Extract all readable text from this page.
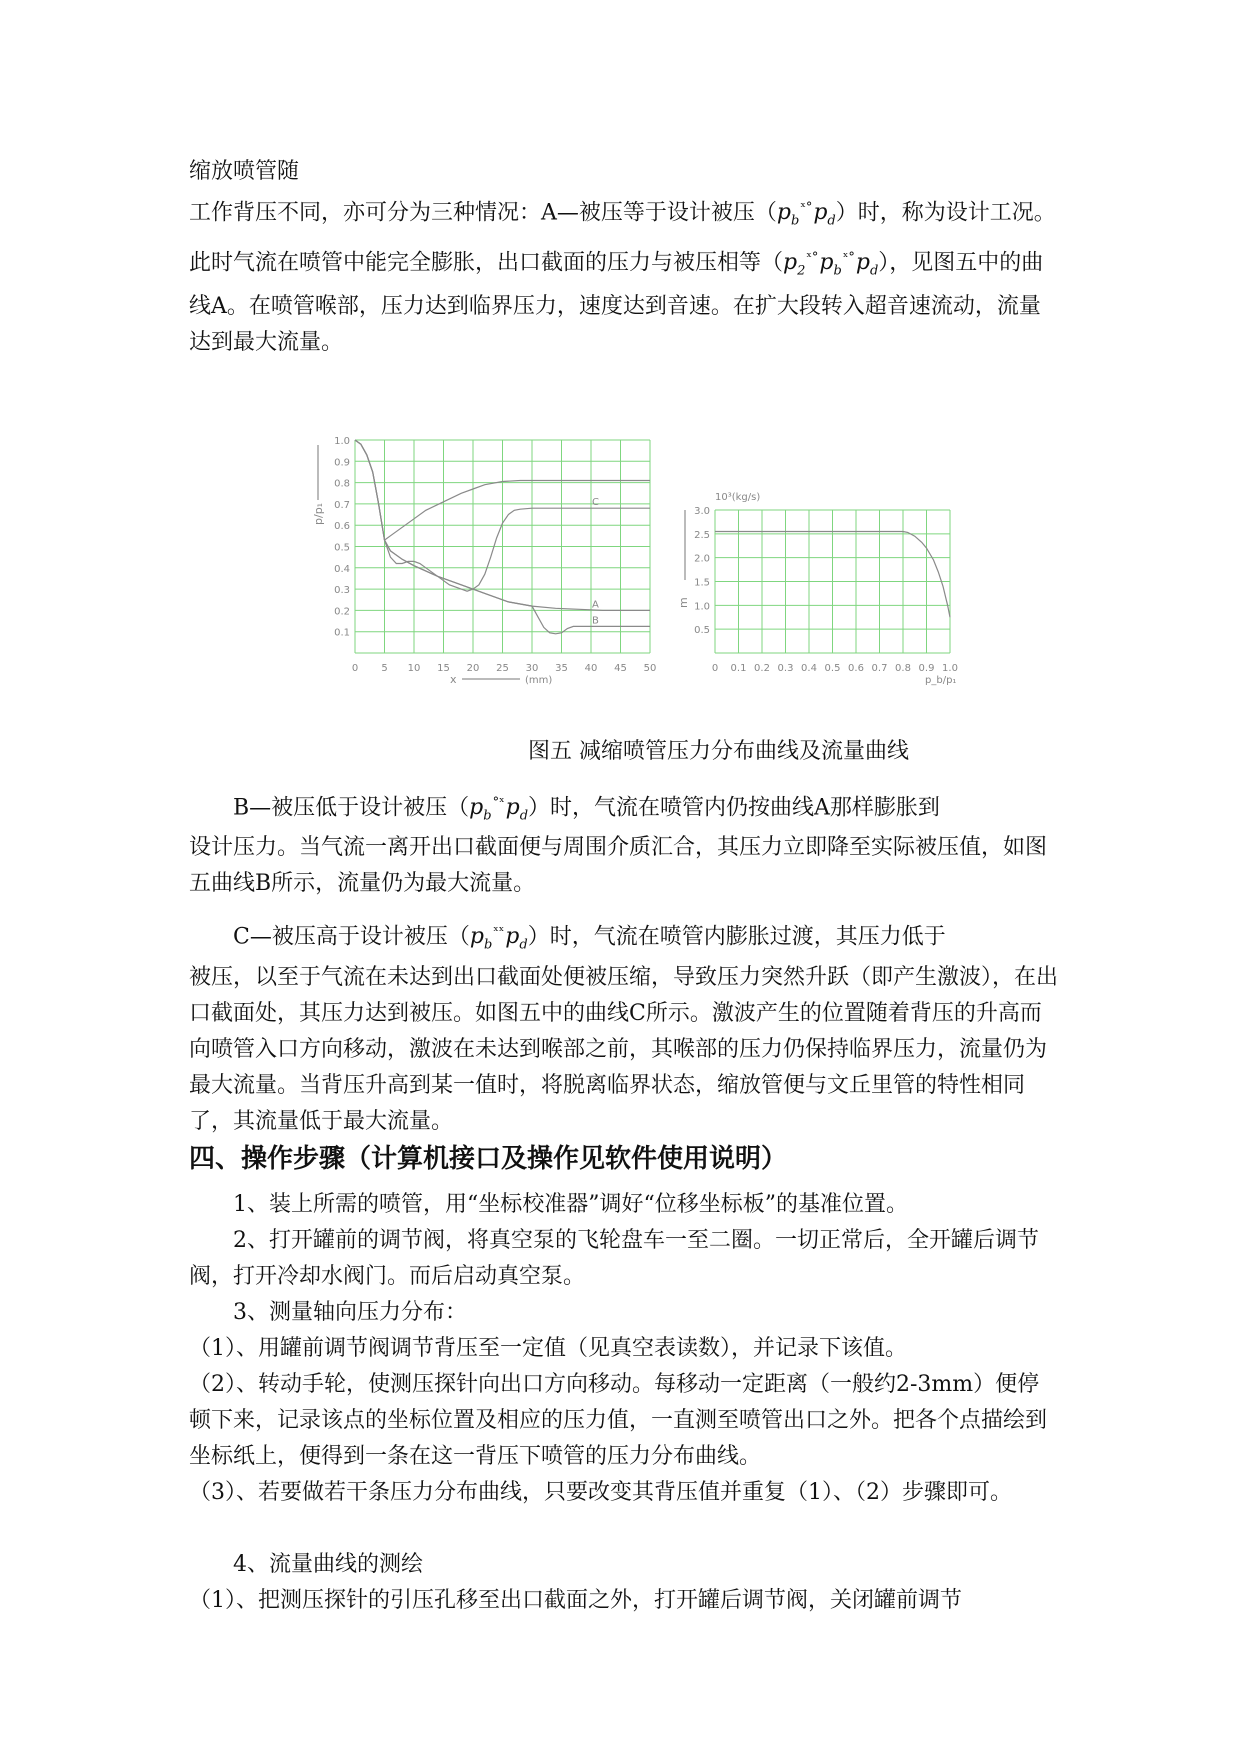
缩放喷管随

工作背压不同，亦可分为三种情况：A—被压等于设计被压$(p_b^{ˣ^\circ}p_d)$时，称为设计工况。此时气流在喷管中能完全膨胀，出口截面的压力与被压相等$(p_2^{ˣ^\circ}p_b^{ˣ^\circ}p_d)$，见图五中的曲线A。在喷管喉部，压力达到临界压力，速度达到音速。在扩大段转入超音速流动，流量达到最大流量。

0 5 10 15 20 25 30 35 40 45 50
1.0
0.9
0.8
0.7
0.6
0.5
0.4
0.3
0.2
0.1
A
B
C
p/p₁
x	(mm)
0 0.1 0.2 0.3 0.4 0.5 0.6 0.7 0.8 0.9 1.0
3.0
2.5
2.0
1.5
1.0
0.5
m
10³(kg/s)
p_b/p₁
图五 减缩喷管压力分布曲线及流量曲线

B—被压低于设计被压$(p_b^{^\circ ˣ}p_d)$时，气流在喷管内仍按曲线A那样膨胀到

设计压力。当气流一离开出口截面便与周围介质汇合，其压力立即降至实际被压值，如图五曲线B所示，流量仍为最大流量。

C—被压高于设计被压$(p_b^{ˣˣ}p_d)$时，气流在喷管内膨胀过渡，其压力低于

被压，以至于气流在未达到出口截面处便被压缩，导致压力突然升跃（即产生激波），在出口截面处，其压力达到被压。如图五中的曲线C所示。激波产生的位置随着背压的升高而向喷管入口方向移动，激波在未达到喉部之前，其喉部的压力仍保持临界压力，流量仍为最大流量。当背压升高到某一值时，将脱离临界状态，缩放管便与文丘里管的特性相同了，其流量低于最大流量。

四、操作步骤（计算机接口及操作见软件使用说明）

1、装上所需的喷管，用“坐标校准器”调好“位移坐标板”的基准位置。

2、打开罐前的调节阀，将真空泵的飞轮盘车一至二圈。一切正常后，全开罐后调节阀，打开冷却水阀门。而后启动真空泵。

3、测量轴向压力分布：

（1）、用罐前调节阀调节背压至一定值（见真空表读数），并记录下该值。

（2）、转动手轮，使测压探针向出口方向移动。每移动一定距离（一般约2-3mm）便停顿下来，记录该点的坐标位置及相应的压力值，一直测至喷管出口之外。把各个点描绘到坐标纸上，便得到一条在这一背压下喷管的压力分布曲线。

（3）、若要做若干条压力分布曲线，只要改变其背压值并重复（1）、（2）步骤即可。

4、流量曲线的测绘

（1）、把测压探针的引压孔移至出口截面之外，打开罐后调节阀，关闭罐前调节
